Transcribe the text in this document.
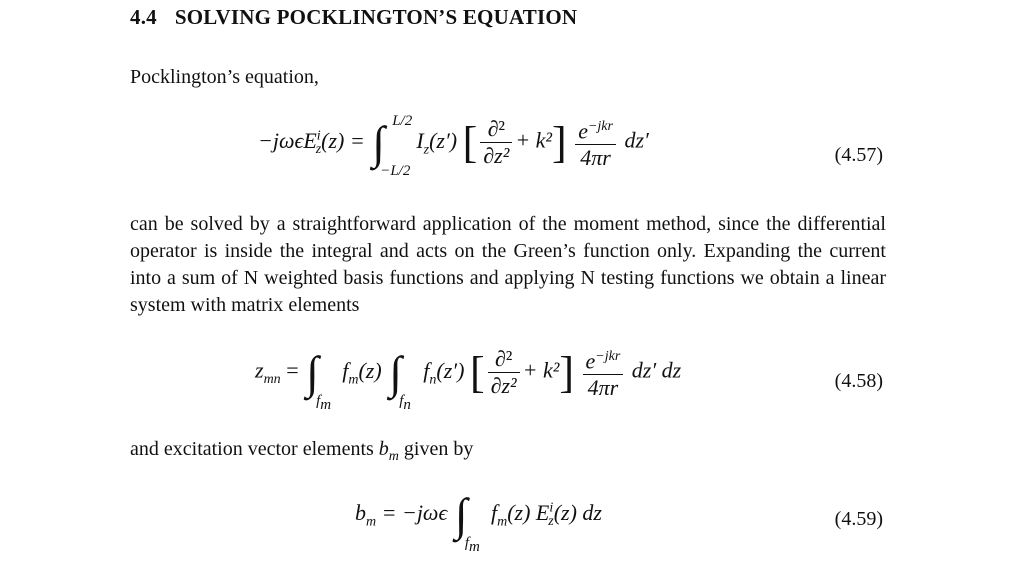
4.4 SOLVING POCKLINGTON’S EQUATION
Pocklington’s equation,
−jωϵE$^i_z$(z) = ∫ L/2
−L/2
$I_z(z')$ [ $\frac{\text{∂²}}{\text{∂z²}} + k^2] \frac{e^{-jkr}}{4\pi r} dz'$
(4.57)
can be solved by a straightforward application of the moment method, since the differential operator is inside the integral and acts on the Green’s function only. Expanding the current into a sum of N weighted basis functions and applying N testing functions we obtain a linear system with matrix elements
$z_{mn}$ = ∫
$f_m$
$f_m(z)$ ∫
$f_n$
$f_n(z')$ [ $\frac{\text{∂²}}{\text{∂z²}} + k^2] \frac{e^{-jkr}}{4\pi r} dz'$ dz	(4.58)
and excitation vector elements $b_m$ given by
$b_m = -j\omega\epsilon$ ∫
$f_m$
$f_m(z)$ $E^i_z(z)$ dz	(4.59)
